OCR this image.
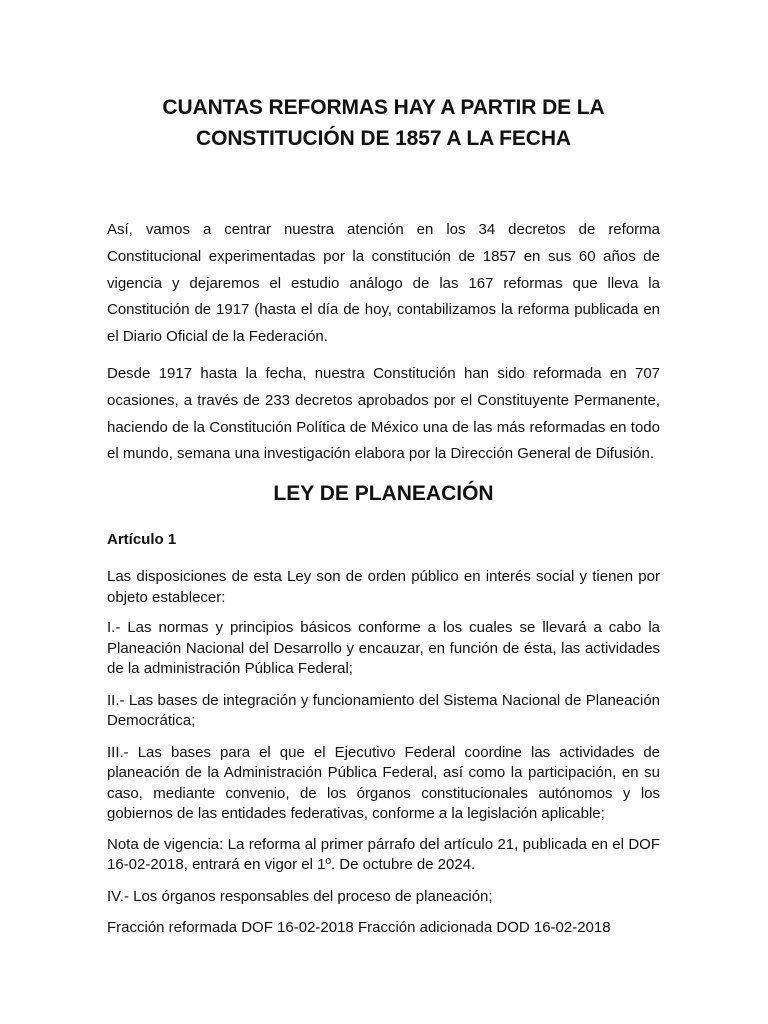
CUANTAS REFORMAS HAY A PARTIR DE LA CONSTITUCIÓN DE 1857 A LA FECHA

Así, vamos a centrar nuestra atención en los 34 decretos de reforma Constitucional experimentadas por la constitución de 1857 en sus 60 años de vigencia y dejaremos el estudio análogo de las 167 reformas que lleva la Constitución de 1917 (hasta el día de hoy, contabilizamos la reforma publicada en el Diario Oficial de la Federación.

Desde 1917 hasta la fecha, nuestra Constitución han sido reformada en 707 ocasiones, a través de 233 decretos aprobados por el Constituyente Permanente, haciendo de la Constitución Política de México una de las más reformadas en todo el mundo, semana una investigación elabora por la Dirección General de Difusión.

LEY DE PLANEACIÓN

Artículo 1

Las disposiciones de esta Ley son de orden público en interés social y tienen por objeto establecer:

I.- Las normas y principios básicos conforme a los cuales se llevará a cabo la Planeación Nacional del Desarrollo y encauzar, en función de ésta, las actividades de la administración Pública Federal;

II.- Las bases de integración y funcionamiento del Sistema Nacional de Planeación Democrática;

III.- Las bases para el que el Ejecutivo Federal coordine las actividades de planeación de la Administración Pública Federal, así como la participación, en su caso, mediante convenio, de los órganos constitucionales autónomos y los gobiernos de las entidades federativas, conforme a la legislación aplicable;

Nota de vigencia: La reforma al primer párrafo del artículo 21, publicada en el DOF 16-02-2018, entrará en vigor el 1º. De octubre de 2024.

IV.- Los órganos responsables del proceso de planeación;

Fracción reformada DOF 16-02-2018 Fracción adicionada DOD 16-02-2018
